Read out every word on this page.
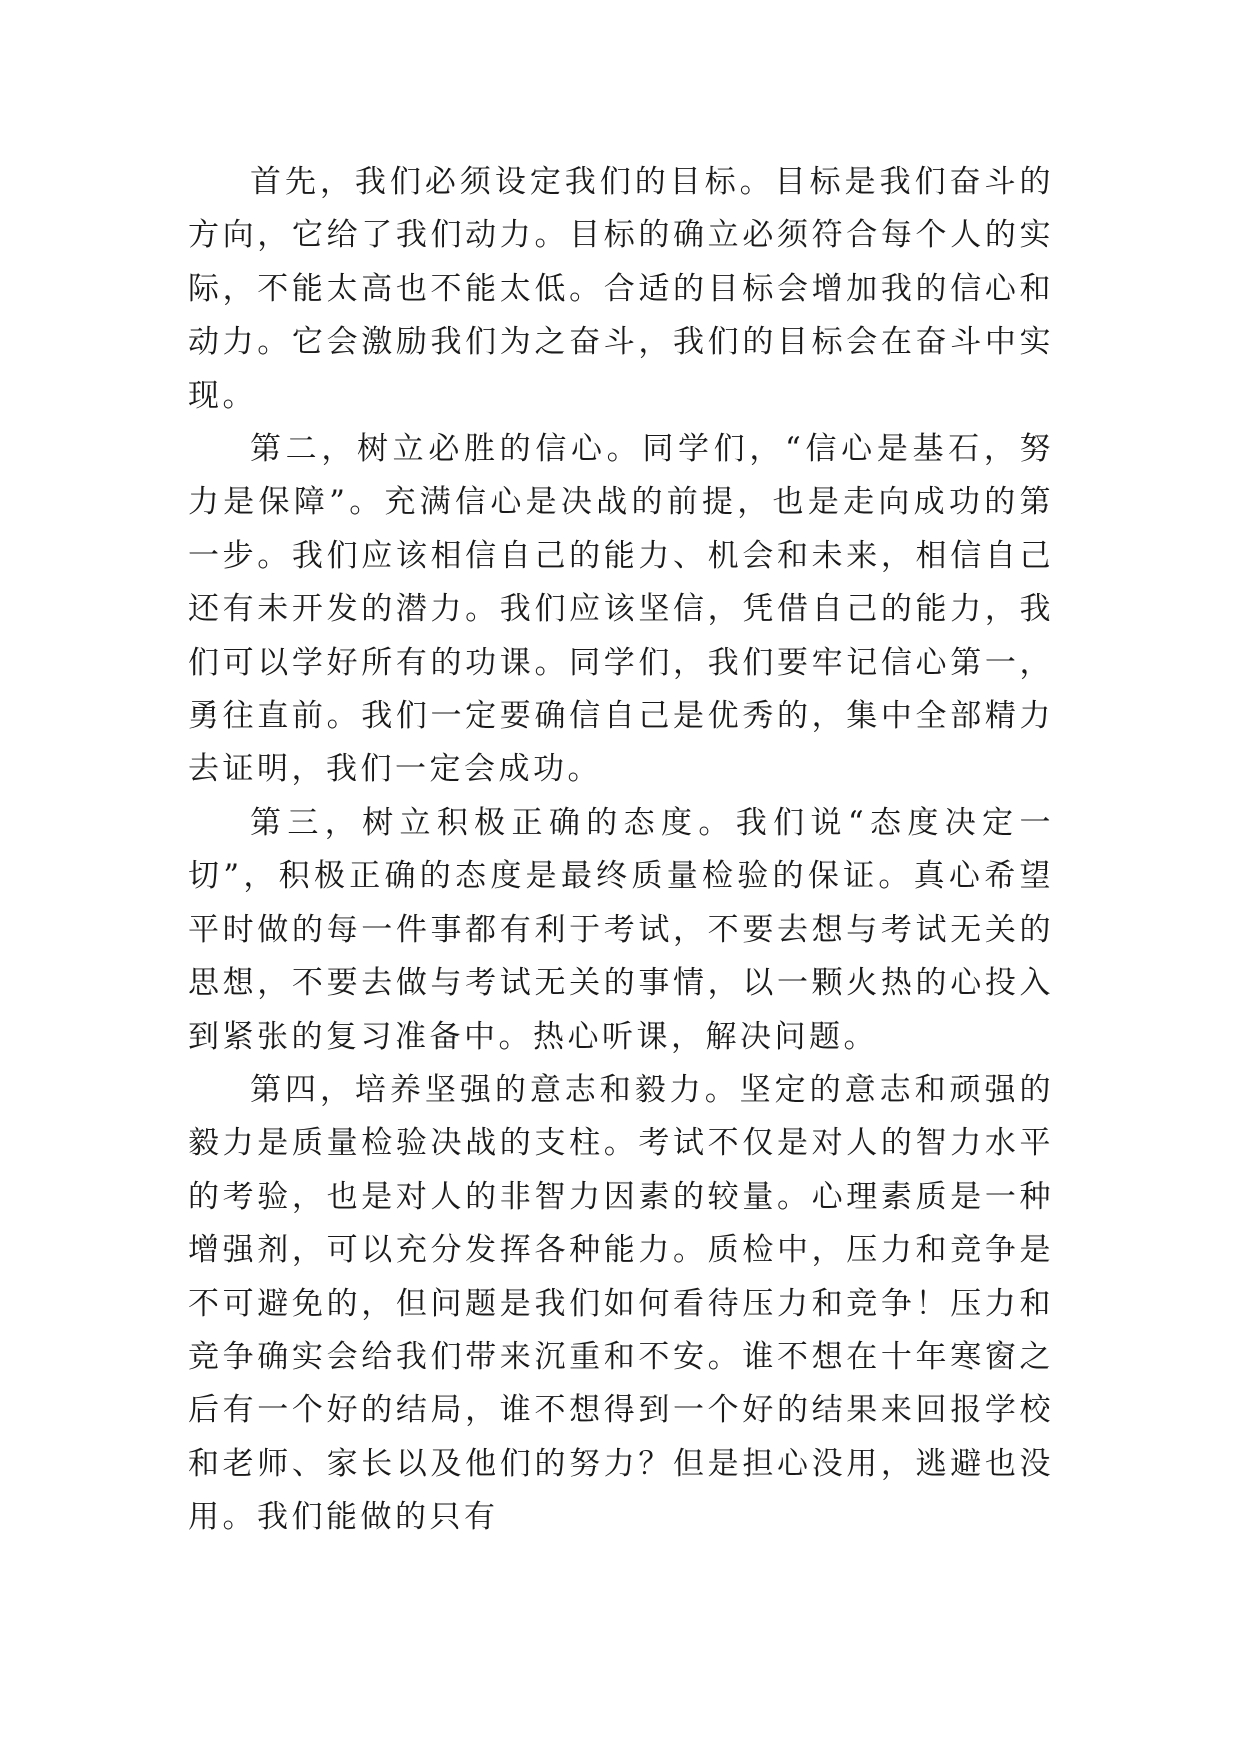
首先，我们必须设定我们的目标。目标是我们奋斗的方向，它给了我们动力。目标的确立必须符合每个人的实际，不能太高也不能太低。合适的目标会增加我的信心和动力。它会激励我们为之奋斗，我们的目标会在奋斗中实现。

第二，树立必胜的信心。同学们，“信心是基石，努力是保障”。充满信心是决战的前提，也是走向成功的第一步。我们应该相信自己的能力、机会和未来，相信自己还有未开发的潜力。我们应该坚信，凭借自己的能力，我们可以学好所有的功课。同学们，我们要牢记信心第一，勇往直前。我们一定要确信自己是优秀的，集中全部精力去证明，我们一定会成功。

第三，树立积极正确的态度。我们说“态度决定一切”，积极正确的态度是最终质量检验的保证。真心希望平时做的每一件事都有利于考试，不要去想与考试无关的思想，不要去做与考试无关的事情，以一颗火热的心投入到紧张的复习准备中。热心听课，解决问题。

第四，培养坚强的意志和毅力。坚定的意志和顽强的毅力是质量检验决战的支柱。考试不仅是对人的智力水平的考验，也是对人的非智力因素的较量。心理素质是一种增强剂，可以充分发挥各种能力。质检中，压力和竞争是不可避免的，但问题是我们如何看待压力和竞争！压力和竞争确实会给我们带来沉重和不安。谁不想在十年寒窗之后有一个好的结局，谁不想得到一个好的结果来回报学校和老师、家长以及他们的努力？但是担心没用，逃避也没用。我们能做的只有
